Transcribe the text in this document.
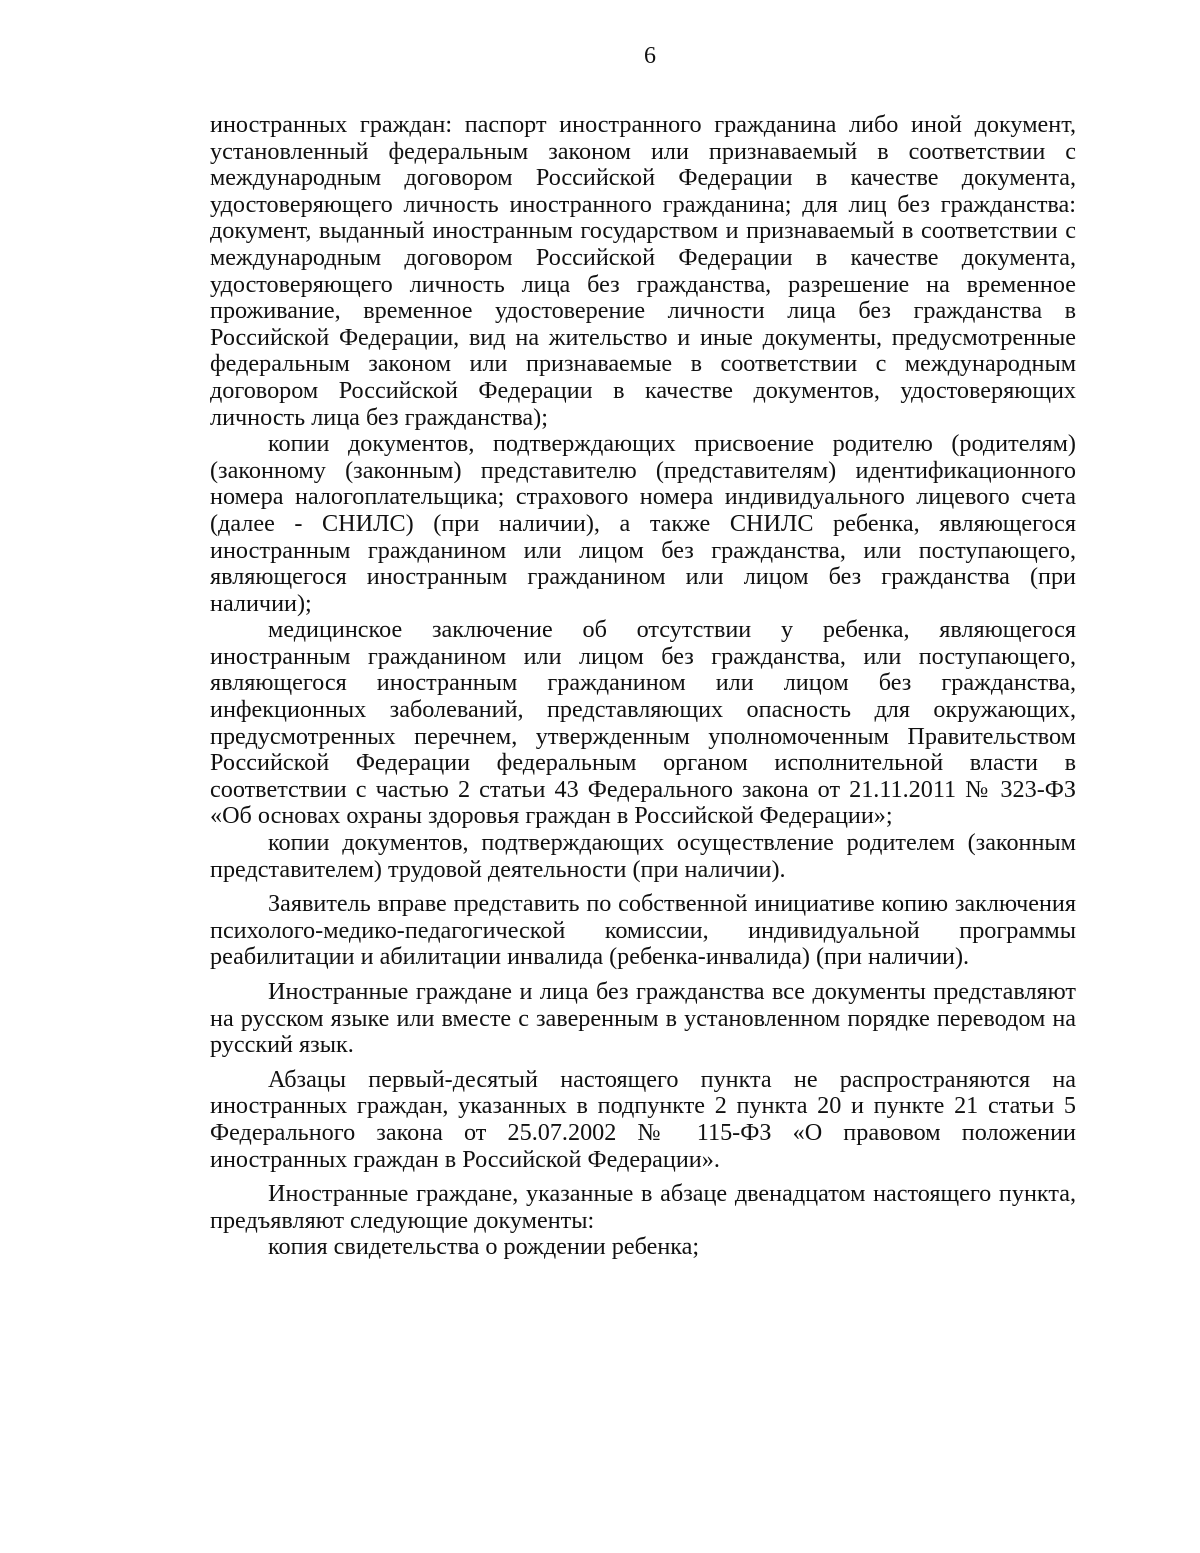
6

иностранных граждан: паспорт иностранного гражданина либо иной документ, установленный федеральным законом или признаваемый в соответствии с международным договором Российской Федерации в качестве документа, удостоверяющего личность иностранного гражданина; для лиц без гражданства: документ, выданный иностранным государством и признаваемый в соответствии с международным договором Российской Федерации в качестве документа, удостоверяющего личность лица без гражданства, разрешение на временное проживание, временное удостоверение личности лица без гражданства в Российской Федерации, вид на жительство и иные документы, предусмотренные федеральным законом или признаваемые в соответствии с международным договором Российской Федерации в качестве документов, удостоверяющих личность лица без гражданства);

копии документов, подтверждающих присвоение родителю (родителям) (законному (законным) представителю (представителям) идентификационного номера налогоплательщика; страхового номера индивидуального лицевого счета (далее - СНИЛС) (при наличии), а также СНИЛС ребенка, являющегося иностранным гражданином или лицом без гражданства, или поступающего, являющегося иностранным гражданином или лицом без гражданства (при наличии);

медицинское заключение об отсутствии у ребенка, являющегося иностранным гражданином или лицом без гражданства, или поступающего, являющегося иностранным гражданином или лицом без гражданства, инфекционных заболеваний, представляющих опасность для окружающих, предусмотренных перечнем, утвержденным уполномоченным Правительством Российской Федерации федеральным органом исполнительной власти в соответствии с частью 2 статьи 43 Федерального закона от 21.11.2011 № 323-ФЗ «Об основах охраны здоровья граждан в Российской Федерации»;

копии документов, подтверждающих осуществление родителем (законным представителем) трудовой деятельности (при наличии).

Заявитель вправе представить по собственной инициативе копию заключения психолого-медико-педагогической комиссии, индивидуальной программы реабилитации и абилитации инвалида (ребенка-инвалида) (при наличии).

Иностранные граждане и лица без гражданства все документы представляют на русском языке или вместе с заверенным в установленном порядке переводом на русский язык.

Абзацы первый-десятый настоящего пункта не распространяются на иностранных граждан, указанных в подпункте 2 пункта 20 и пункте 21 статьи 5 Федерального закона от 25.07.2002 № 115-ФЗ «О правовом положении иностранных граждан в Российской Федерации».

Иностранные граждане, указанные в абзаце двенадцатом настоящего пункта, предъявляют следующие документы:

копия свидетельства о рождении ребенка;
